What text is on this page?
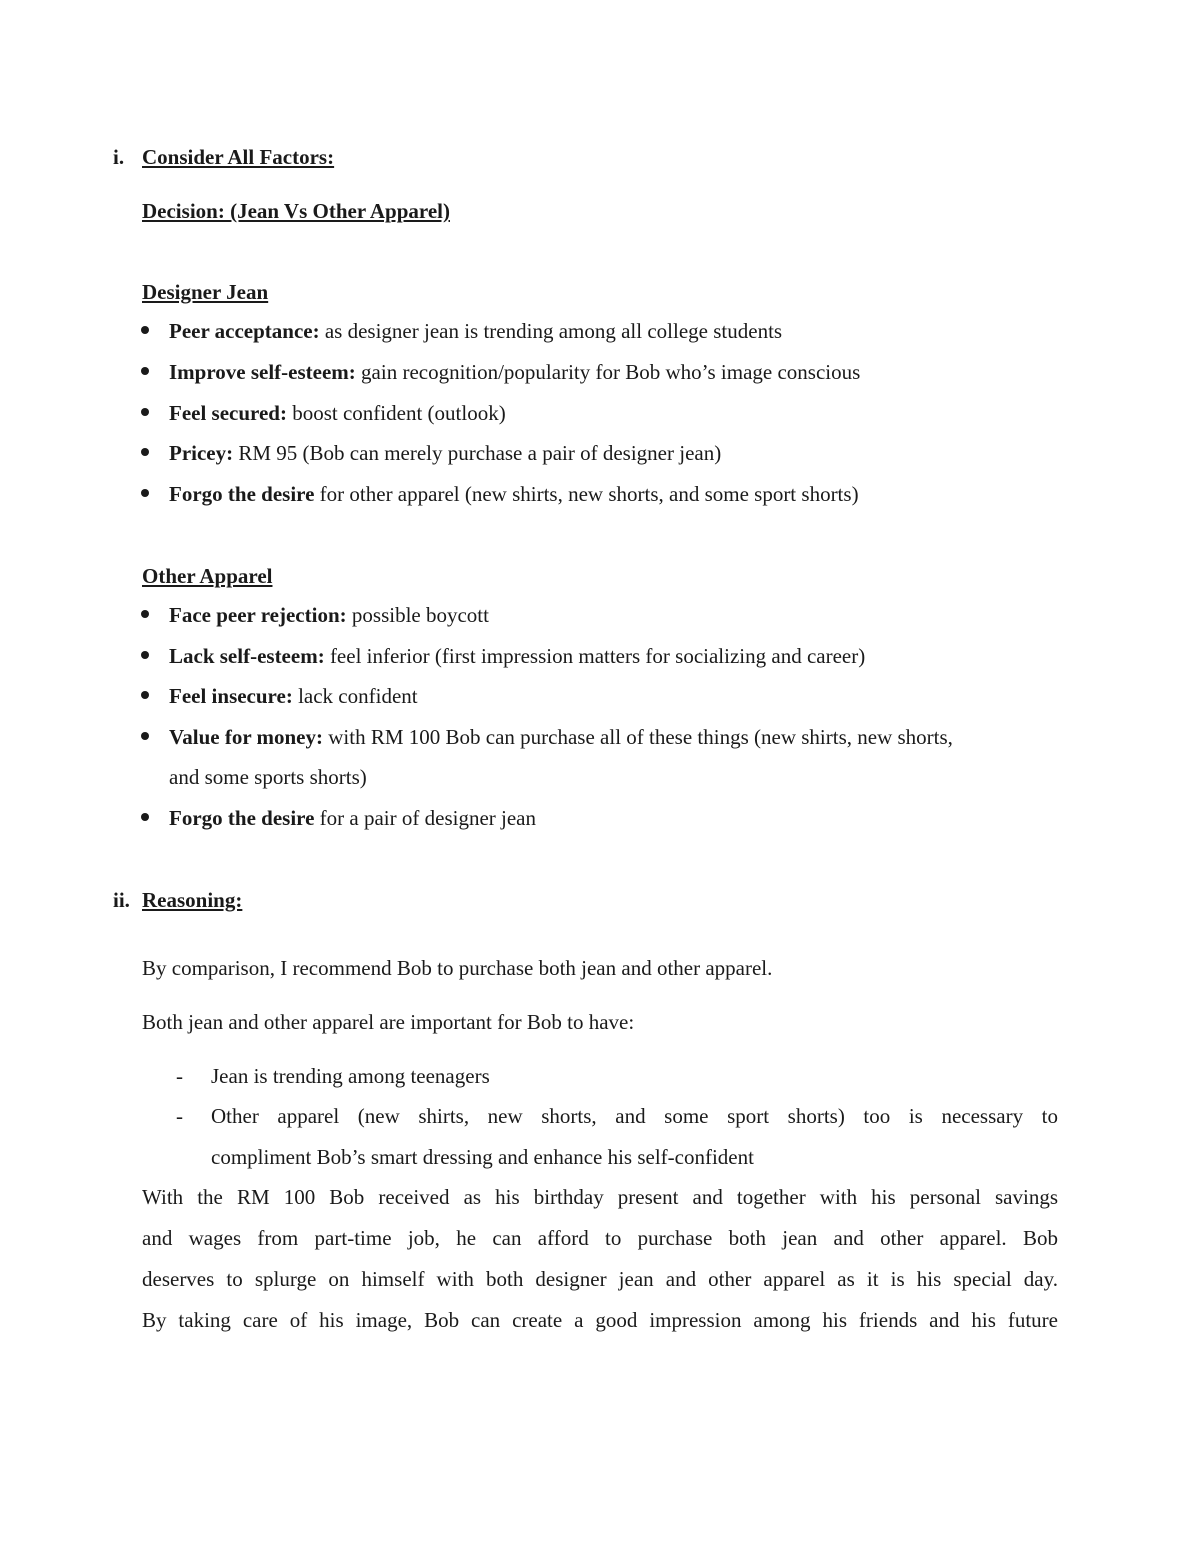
i. Consider All Factors:
Decision: (Jean Vs Other Apparel)
Designer Jean
Peer acceptance: as designer jean is trending among all college students
Improve self-esteem: gain recognition/popularity for Bob who’s image conscious
Feel secured: boost confident (outlook)
Pricey: RM 95 (Bob can merely purchase a pair of designer jean)
Forgo the desire for other apparel (new shirts, new shorts, and some sport shorts)
Other Apparel
Face peer rejection: possible boycott
Lack self-esteem: feel inferior (first impression matters for socializing and career)
Feel insecure: lack confident
Value for money: with RM 100 Bob can purchase all of these things (new shirts, new shorts,
and some sports shorts)
Forgo the desire for a pair of designer jean
ii. Reasoning:
By comparison, I recommend Bob to purchase both jean and other apparel.
Both jean and other apparel are important for Bob to have:
- Jean is trending among teenagers
- Other apparel (new shirts, new shorts, and some sport shorts) too is necessary to
compliment Bob’s smart dressing and enhance his self-confident
With the RM 100 Bob received as his birthday present and together with his personal savings
and wages from part-time job, he can afford to purchase both jean and other apparel. Bob
deserves to splurge on himself with both designer jean and other apparel as it is his special day.
By taking care of his image, Bob can create a good impression among his friends and his future
